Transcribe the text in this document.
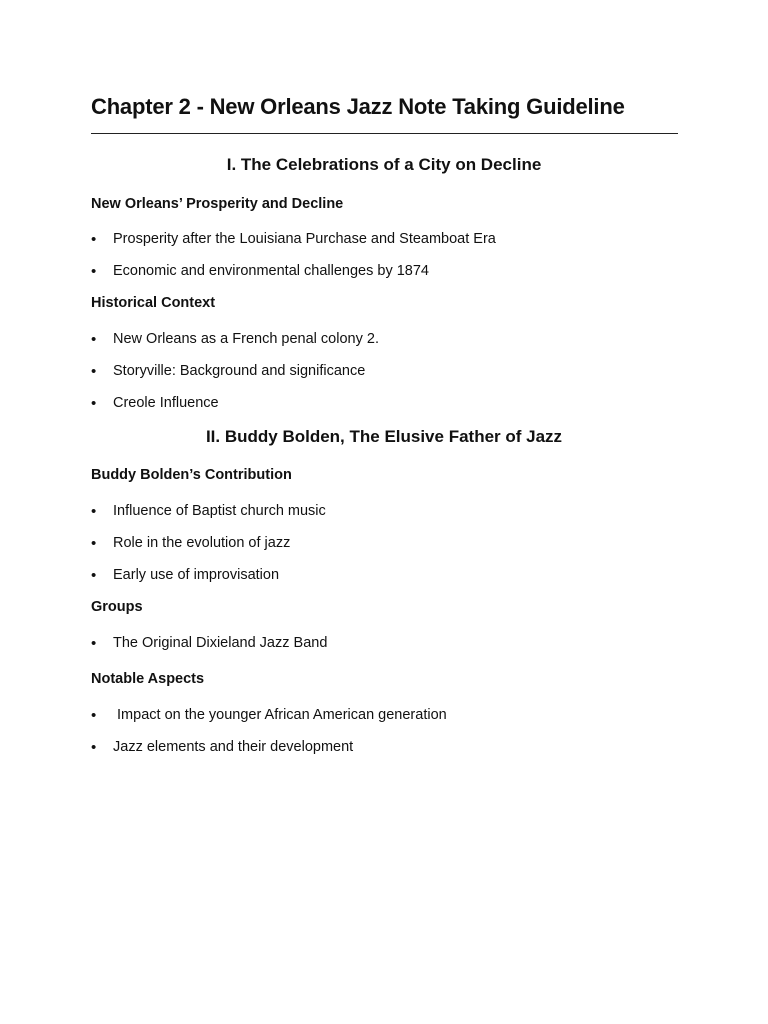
Chapter 2 - New Orleans Jazz Note Taking Guideline
I. The Celebrations of a City on Decline
New Orleans’ Prosperity and Decline
• Prosperity after the Louisiana Purchase and Steamboat Era
• Economic and environmental challenges by 1874
Historical Context
• New Orleans as a French penal colony 2.
• Storyville: Background and significance
• Creole Influence
II. Buddy Bolden, The Elusive Father of Jazz
Buddy Bolden’s Contribution
• Influence of Baptist church music
• Role in the evolution of jazz
• Early use of improvisation
Groups
• The Original Dixieland Jazz Band
Notable Aspects
• Impact on the younger African American generation
• Jazz elements and their development
